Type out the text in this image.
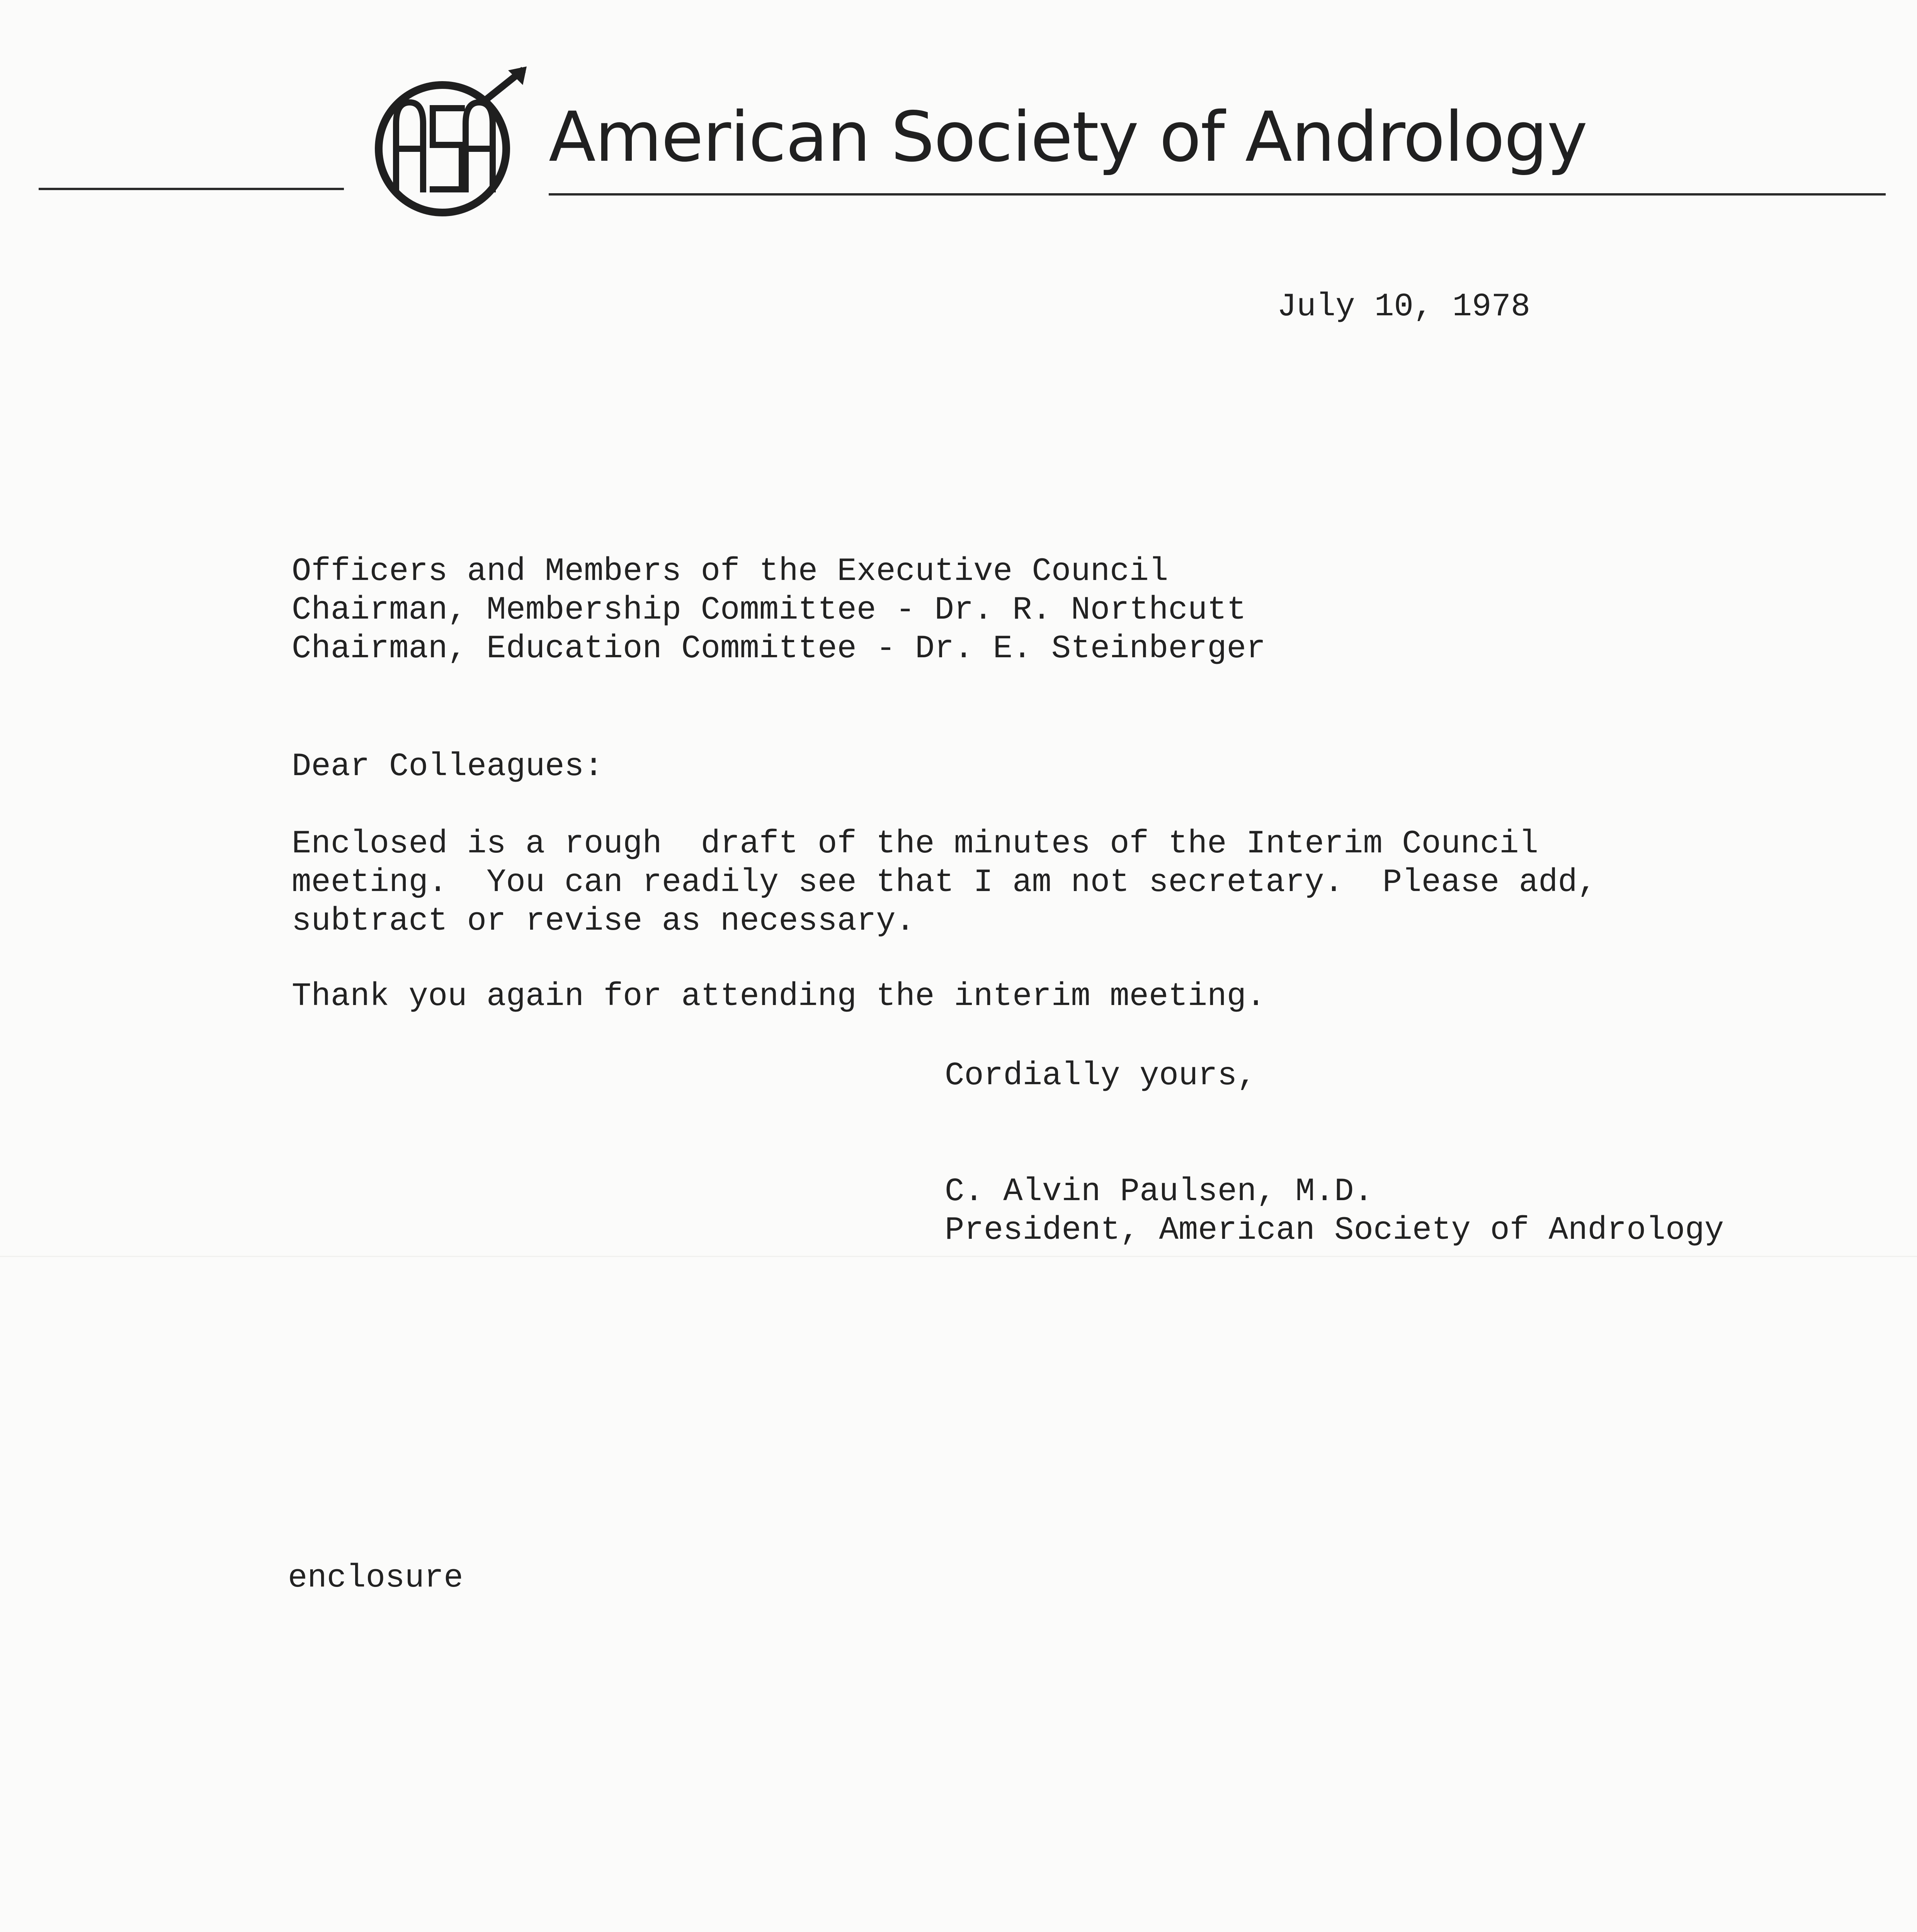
American Society of Andrology
July 10, 1978
Officers and Members of the Executive Council
Chairman, Membership Committee - Dr. R. Northcutt
Chairman, Education Committee - Dr. E. Steinberger
Dear Colleagues:
Enclosed is a rough  draft of the minutes of the Interim Council
meeting.  You can readily see that I am not secretary.  Please add,
subtract or revise as necessary.
Thank you again for attending the interim meeting.
Cordially yours,
C. Alvin Paulsen, M.D.
President, American Society of Andrology
enclosure
